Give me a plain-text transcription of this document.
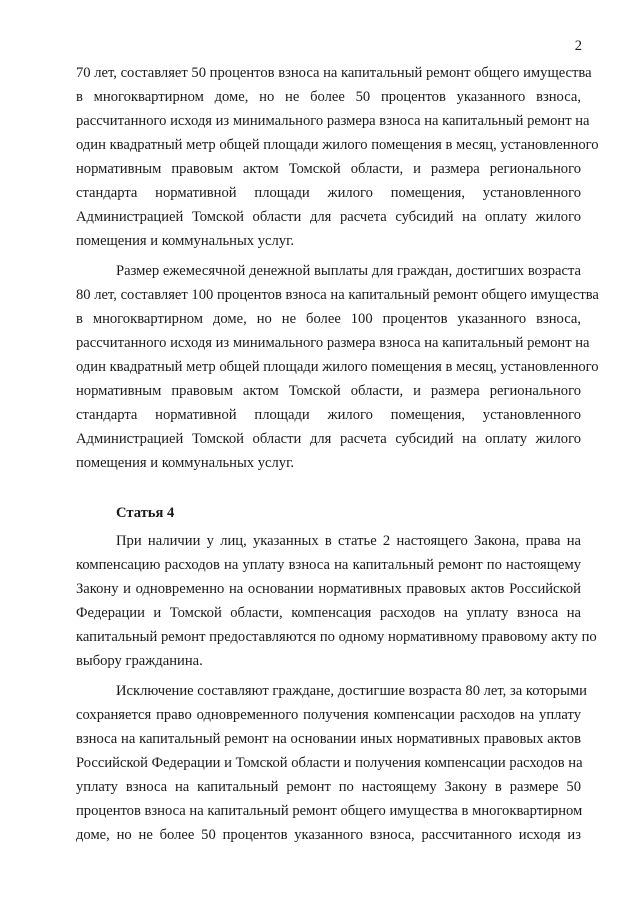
2
70 лет, составляет 50 процентов взноса на капитальный ремонт общего имущества
в многоквартирном доме, но не более 50 процентов указанного взноса,
рассчитанного исходя из минимального размера взноса на капитальный ремонт на
один квадратный метр общей площади жилого помещения в месяц, установленного
нормативным правовым актом Томской области, и размера регионального
стандарта нормативной площади жилого помещения, установленного
Администрацией Томской области для расчета субсидий на оплату жилого
помещения и коммунальных услуг.
Размер ежемесячной денежной выплаты для граждан, достигших возраста
80 лет, составляет 100 процентов взноса на капитальный ремонт общего имущества
в многоквартирном доме, но не более 100 процентов указанного взноса,
рассчитанного исходя из минимального размера взноса на капитальный ремонт на
один квадратный метр общей площади жилого помещения в месяц, установленного
нормативным правовым актом Томской области, и размера регионального
стандарта нормативной площади жилого помещения, установленного
Администрацией Томской области для расчета субсидий на оплату жилого
помещения и коммунальных услуг.
Статья 4
При наличии у лиц, указанных в статье 2 настоящего Закона, права на
компенсацию расходов на уплату взноса на капитальный ремонт по настоящему
Закону и одновременно на основании нормативных правовых актов Российской
Федерации и Томской области, компенсация расходов на уплату взноса на
капитальный ремонт предоставляются по одному нормативному правовому акту по
выбору гражданина.
Исключение составляют граждане, достигшие возраста 80 лет, за которыми
сохраняется право одновременного получения компенсации расходов на уплату
взноса на капитальный ремонт на основании иных нормативных правовых актов
Российской Федерации и Томской области и получения компенсации расходов на
уплату взноса на капитальный ремонт по настоящему Закону в размере 50
процентов взноса на капитальный ремонт общего имущества в многоквартирном
доме, но не более 50 процентов указанного взноса, рассчитанного исходя из
